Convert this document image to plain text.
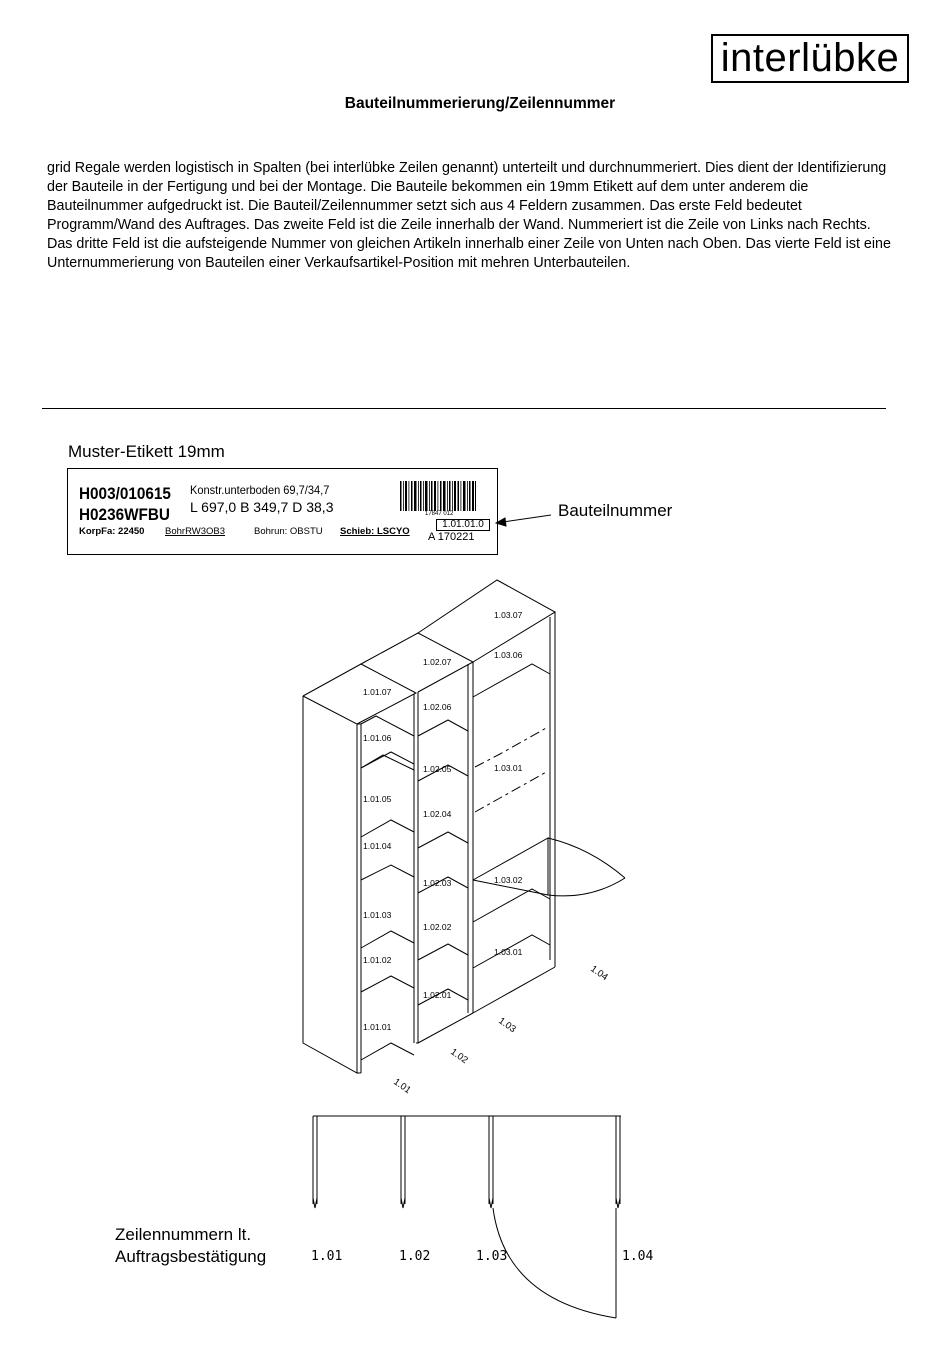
interlübke
Bauteilnummerierung/Zeilennummer
grid Regale werden logistisch in Spalten (bei interlübke Zeilen genannt) unterteilt und durchnummeriert. Dies dient der Identifizierung der Bauteile in der Fertigung und bei der Montage. Die Bauteile bekommen ein 19mm Etikett auf dem unter anderem die Bauteilnummer aufgedruckt ist. Die Bauteil/Zeilennummer setzt sich aus 4 Feldern zusammen. Das erste Feld bedeutet Programm/Wand des Auftrages. Das zweite Feld ist die Zeile innerhalb der Wand. Nummeriert ist die Zeile von Links nach Rechts. Das dritte Feld ist die aufsteigende Nummer von gleichen Artikeln innerhalb einer Zeile von Unten nach Oben. Das vierte Feld ist eine Unternummerierung von Bauteilen einer Verkaufsartikel-Position mit mehren Unterbauteilen.
Muster-Etikett 19mm
H003/010615
H0236WFBU
Konstr.unterboden 69,7/34,7
L 697,0 B 349,7 D 38,3
KorpFa: 22450 BohrRW3OB3	Bohrun: OBSTU Schieb: LSCYO
17847 012
1.01.01.0
A 170221
Bauteilnummer
1.01.07
1.01.06
1.01.05
1.01.04
1.01.03
1.01.02
1.01.01
1.02.07
1.02.06
1.02.05
1.02.04
1.02.03
1.02.02
1.02.01
1.03.07
1.03.06
1.03.01
1.03.02
1.03.01
1.01
1.02
1.03
1.04
Zeilennummern lt.
Auftragsbestätigung	1.01	1.02	1.03	1.04
